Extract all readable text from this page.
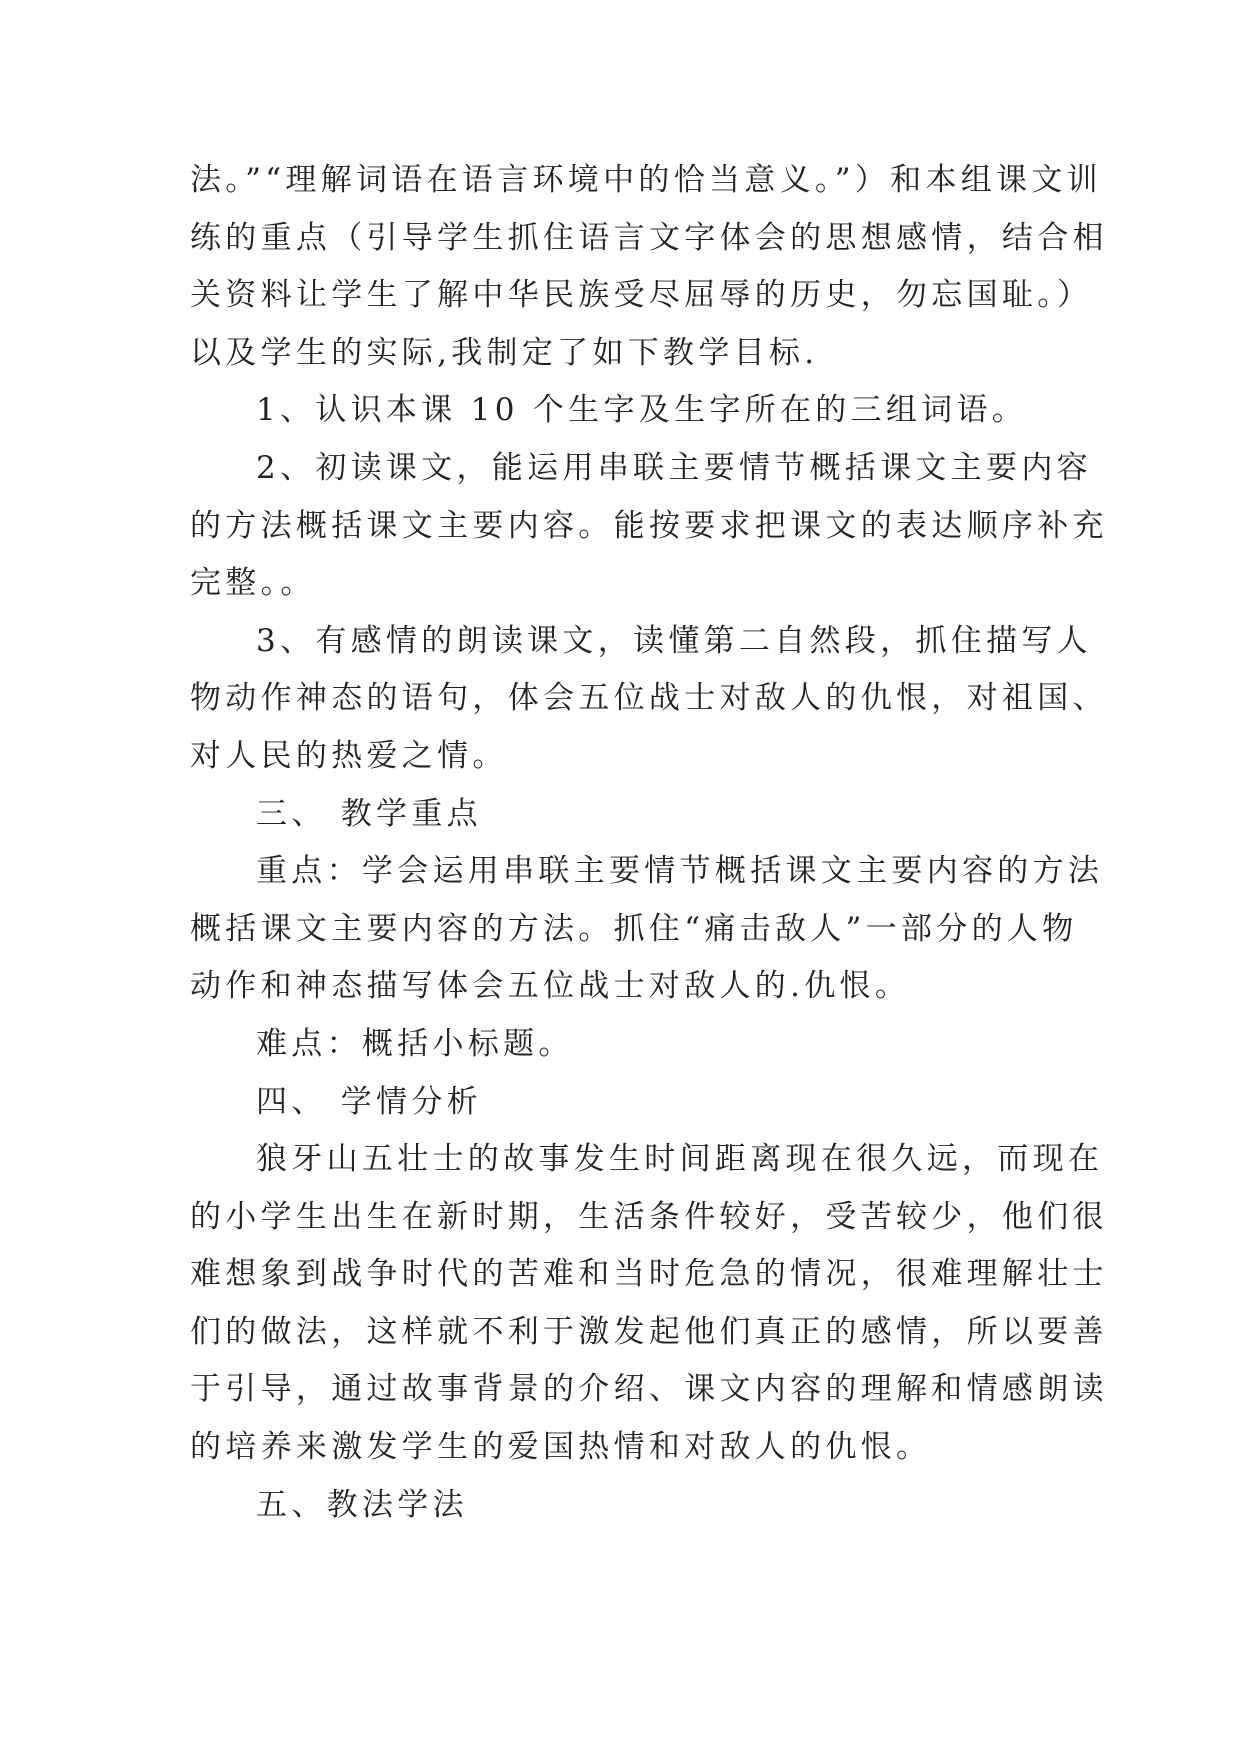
法。”“理解词语在语言环境中的恰当意义。”）和本组课文训
练的重点（引导学生抓住语言文字体会的思想感情，结合相
关资料让学生了解中华民族受尽屈辱的历史，勿忘国耻。）
以及学生的实际,我制定了如下教学目标.
1、认识本课 10 个生字及生字所在的三组词语。
2、初读课文，能运用串联主要情节概括课文主要内容
的方法概括课文主要内容。能按要求把课文的表达顺序补充
完整。。
3、有感情的朗读课文，读懂第二自然段，抓住描写人
物动作神态的语句，体会五位战士对敌人的仇恨，对祖国、
对人民的热爱之情。
三、 教学重点
重点：学会运用串联主要情节概括课文主要内容的方法
概括课文主要内容的方法。抓住“痛击敌人”一部分的人物
动作和神态描写体会五位战士对敌人的.仇恨。
难点：概括小标题。
四、 学情分析
狼牙山五壮士的故事发生时间距离现在很久远，而现在
的小学生出生在新时期，生活条件较好，受苦较少，他们很
难想象到战争时代的苦难和当时危急的情况，很难理解壮士
们的做法，这样就不利于激发起他们真正的感情，所以要善
于引导，通过故事背景的介绍、课文内容的理解和情感朗读
的培养来激发学生的爱国热情和对敌人的仇恨。
五、教法学法
